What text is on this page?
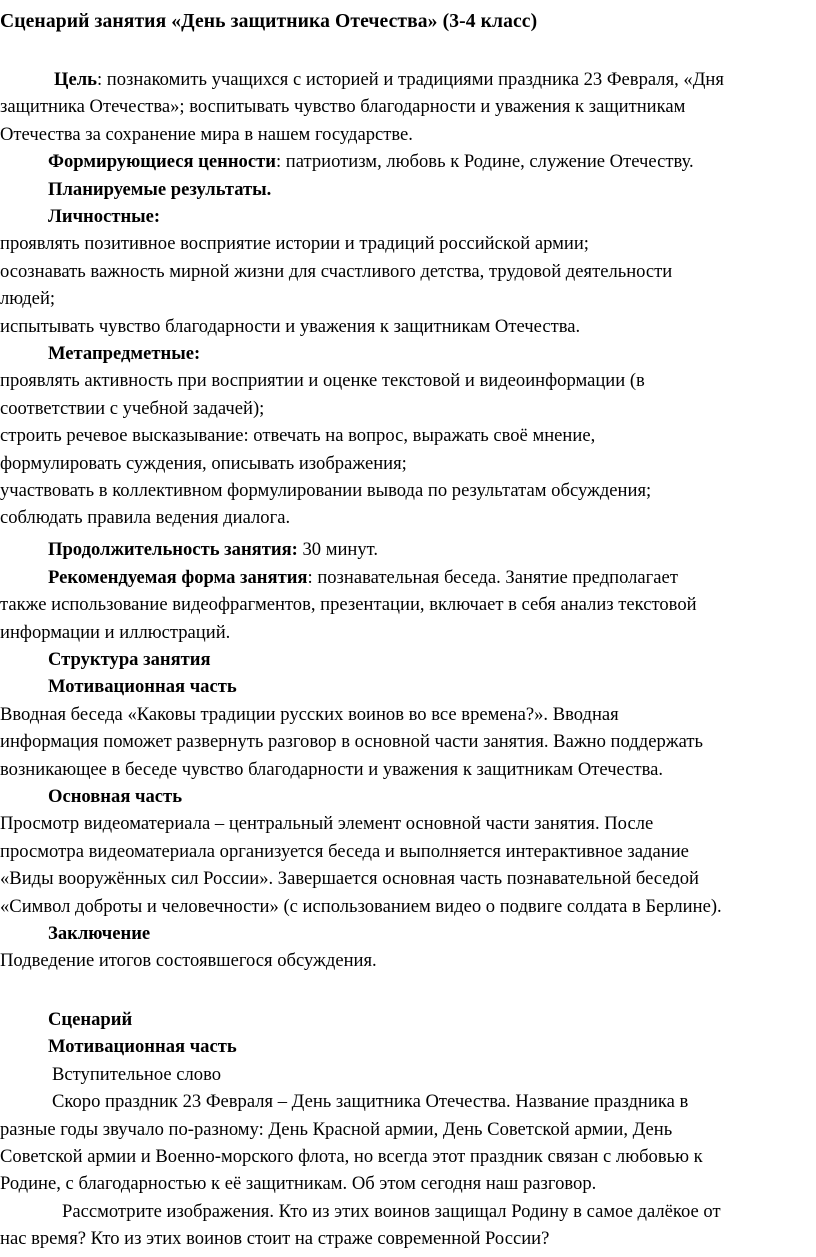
Сценарий занятия «День защитника Отечества» (3-4 класс)
Цель: познакомить учащихся с историей и традициями праздника 23 Февраля, «Дня
защитника Отечества»; воспитывать чувство благодарности и уважения к защитникам
Отечества за сохранение мира в нашем государстве.
Формирующиеся ценности: патриотизм, любовь к Родине, служение Отечеству.
Планируемые результаты.
Личностные:
проявлять позитивное восприятие истории и традиций российской армии;
осознавать важность мирной жизни для счастливого детства, трудовой деятельности
людей;
испытывать чувство благодарности и уважения к защитникам Отечества.
Метапредметные:
проявлять активность при восприятии и оценке текстовой и видеоинформации (в
соответствии с учебной задачей);
строить речевое высказывание: отвечать на вопрос, выражать своё мнение,
формулировать суждения, описывать изображения;
участвовать в коллективном формулировании вывода по результатам обсуждения;
соблюдать правила ведения диалога.
Продолжительность занятия: 30 минут.
Рекомендуемая форма занятия: познавательная беседа. Занятие предполагает
также использование видеофрагментов, презентации, включает в себя анализ текстовой
информации и иллюстраций.
Структура занятия
Мотивационная часть
Вводная беседа «Каковы традиции русских воинов во все времена?». Вводная
информация поможет развернуть разговор в основной части занятия. Важно поддержать
возникающее в беседе чувство благодарности и уважения к защитникам Отечества.
Основная часть
Просмотр видеоматериала – центральный элемент основной части занятия. После
просмотра видеоматериала организуется беседа и выполняется интерактивное задание
«Виды вооружённых сил России». Завершается основная часть познавательной беседой
«Символ доброты и человечности» (с использованием видео о подвиге солдата в Берлине).
Заключение
Подведение итогов состоявшегося обсуждения.
Сценарий
Мотивационная часть
Вступительное слово
Скоро праздник 23 Февраля – День защитника Отечества. Название праздника в
разные годы звучало по-разному: День Красной армии, День Советской армии, День
Советской армии и Военно-морского флота, но всегда этот праздник связан с любовью к
Родине, с благодарностью к её защитникам. Об этом сегодня наш разговор.
Рассмотрите изображения. Кто из этих воинов защищал Родину в самое далёкое от
нас время? Кто из этих воинов стоит на страже современной России?
